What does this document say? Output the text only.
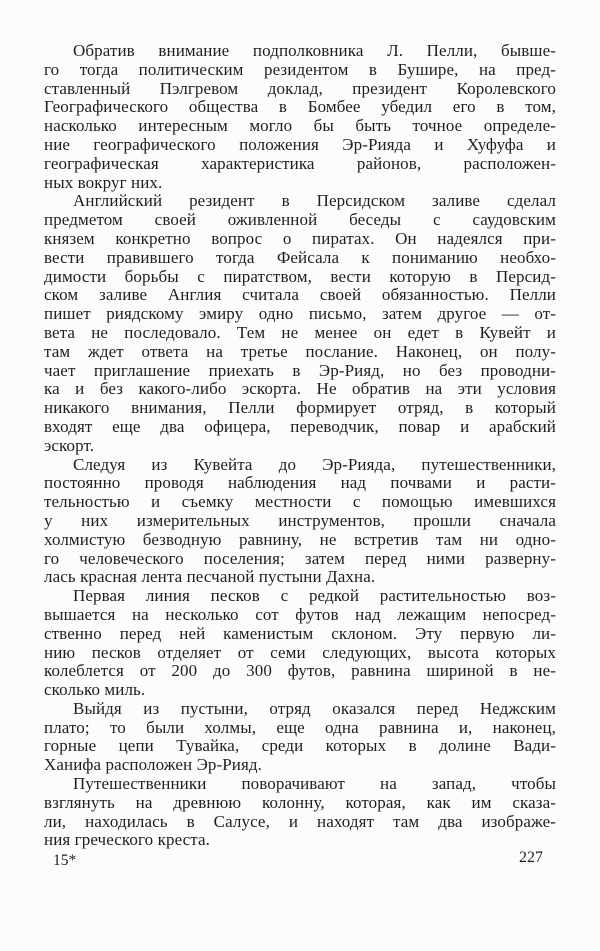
Обратив внимание подполковника Л. Пелли, бывше-
го тогда политическим резидентом в Бушире, на пред-
ставленный Пэлгревом доклад, президент Королевского
Географического общества в Бомбее убедил его в том,
насколько интересным могло бы быть точное определе-
ние географического положения Эр-Рияда и Хуфуфа и
географическая характеристика районов, расположен-
ных вокруг них.
Английский резидент в Персидском заливе сделал
предметом своей оживленной беседы с саудовским
князем конкретно вопрос о пиратах. Он надеялся при-
вести правившего тогда Фейсала к пониманию необхо-
димости борьбы с пиратством, вести которую в Персид-
ском заливе Англия считала своей обязанностью. Пелли
пишет риядскому эмиру одно письмо, затем другое — от-
вета не последовало. Тем не менее он едет в Кувейт и
там ждет ответа на третье послание. Наконец, он полу-
чает приглашение приехать в Эр-Рияд, но без проводни-
ка и без какого-либо эскорта. Не обратив на эти условия
никакого внимания, Пелли формирует отряд, в который
входят еще два офицера, переводчик, повар и арабский
эскорт.
Следуя из Кувейта до Эр-Рияда, путешественники,
постоянно проводя наблюдения над почвами и расти-
тельностью и съемку местности с помощью имевшихся
у них измерительных инструментов, прошли сначала
холмистую безводную равнину, не встретив там ни одно-
го человеческого поселения; затем перед ними разверну-
лась красная лента песчаной пустыни Дахна.
Первая линия песков с редкой растительностью воз-
вышается на несколько сот футов над лежащим непосред-
ственно перед ней каменистым склоном. Эту первую ли-
нию песков отделяет от семи следующих, высота которых
колеблется от 200 до 300 футов, равнина шириной в не-
сколько миль.
Выйдя из пустыни, отряд оказался перед Неджским
плато; то были холмы, еще одна равнина и, наконец,
горные цепи Тувайка, среди которых в долине Вади-
Ханифа расположен Эр-Рияд.
Путешественники поворачивают на запад, чтобы
взглянуть на древнюю колонну, которая, как им сказа-
ли, находилась в Салусе, и находят там два изображе-
ния греческого креста.
15*	227
